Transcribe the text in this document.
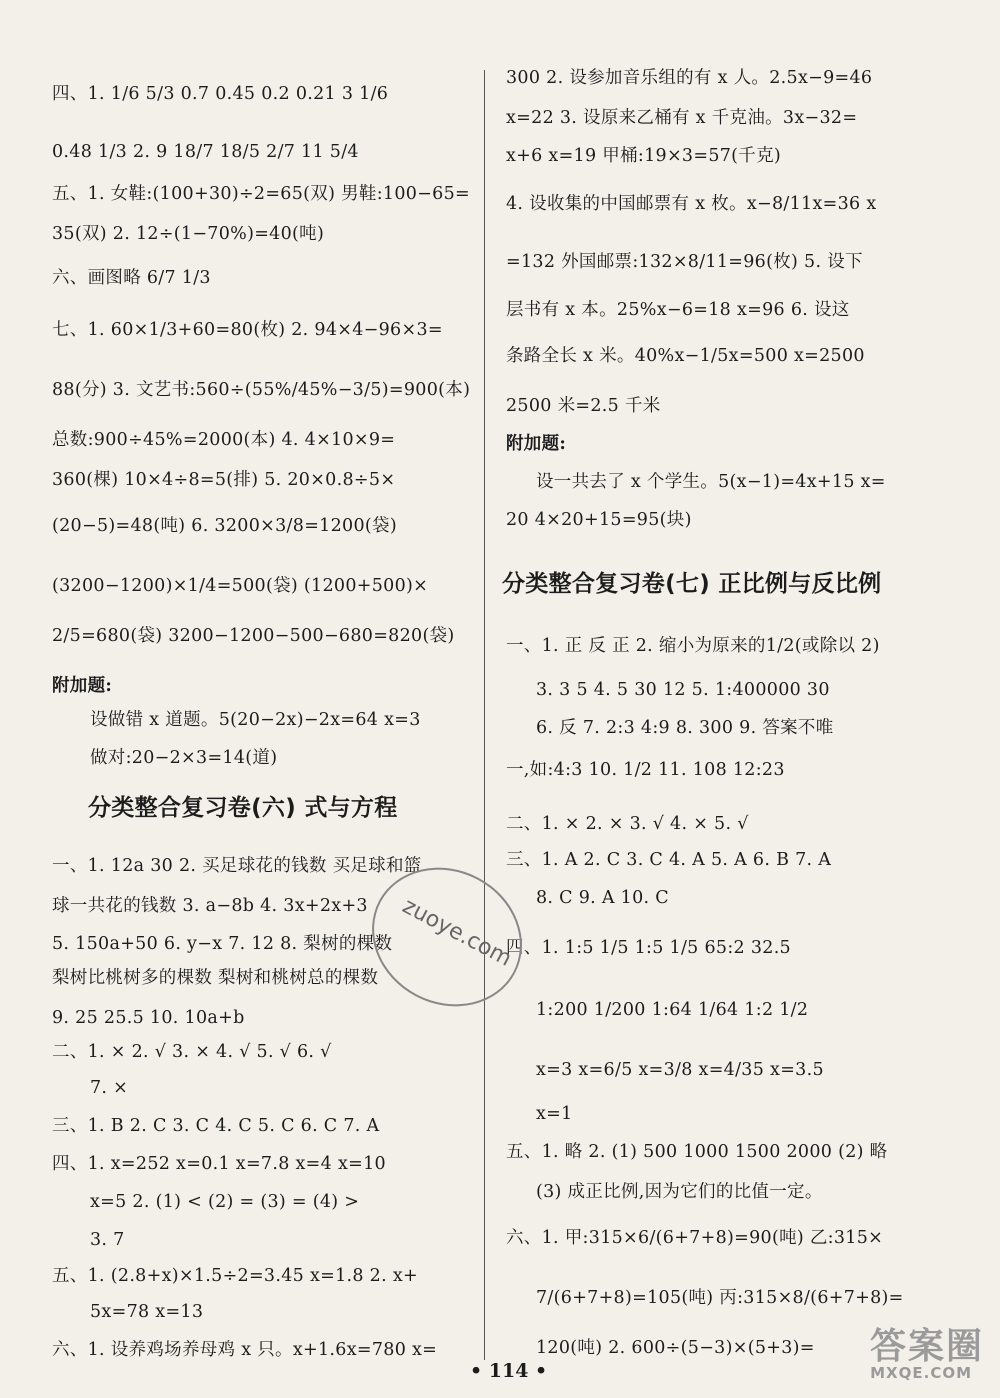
四、1. 1/6 5/3 0.7 0.45 0.2 0.21 3 1/6
0.48 1/3 2. 9 18/7 18/5 2/7 11 5/4
五、1. 女鞋:(100+30)÷2=65(双) 男鞋:100−65=
35(双) 2. 12÷(1−70%)=40(吨)
六、画图略 6/7 1/3
七、1. 60×1/3+60=80(枚) 2. 94×4−96×3=
88(分) 3. 文艺书:560÷(55%/45%−3/5)=900(本)
总数:900÷45%=2000(本) 4. 4×10×9=
360(棵) 10×4÷8=5(排) 5. 20×0.8÷5×
(20−5)=48(吨) 6. 3200×3/8=1200(袋)
(3200−1200)×1/4=500(袋) (1200+500)×
2/5=680(袋) 3200−1200−500−680=820(袋)
附加题:
设做错 x 道题。5(20−2x)−2x=64 x=3
做对:20−2×3=14(道)
一、1. 12a 30 2. 买足球花的钱数 买足球和篮
球一共花的钱数 3. a−8b 4. 3x+2x+3
5. 150a+50 6. y−x 7. 12 8. 梨树的棵数
梨树比桃树多的棵数 梨树和桃树总的棵数
9. 25 25.5 10. 10a+b
二、1. × 2. √ 3. × 4. √ 5. √ 6. √
7. ×
三、1. B 2. C 3. C 4. C 5. C 6. C 7. A
四、1. x=252 x=0.1 x=7.8 x=4 x=10
x=5 2. (1) < (2) = (3) = (4) >
3. 7
五、1. (2.8+x)×1.5÷2=3.45 x=1.8 2. x+
5x=78 x=13
六、1. 设养鸡场养母鸡 x 只。x+1.6x=780 x=
300 2. 设参加音乐组的有 x 人。2.5x−9=46
x=22 3. 设原来乙桶有 x 千克油。3x−32=
x+6 x=19 甲桶:19×3=57(千克)
4. 设收集的中国邮票有 x 枚。x−8/11x=36 x
=132 外国邮票:132×8/11=96(枚) 5. 设下
层书有 x 本。25%x−6=18 x=96 6. 设这
条路全长 x 米。40%x−1/5x=500 x=2500
2500 米=2.5 千米
附加题:
设一共去了 x 个学生。5(x−1)=4x+15 x=
20 4×20+15=95(块)
一、1. 正 反 正 2. 缩小为原来的1/2(或除以 2)
3. 3 5 4. 5 30 12 5. 1:400000 30
6. 反 7. 2:3 4:9 8. 300 9. 答案不唯
一,如:4:3 10. 1/2 11. 108 12:23
二、1. × 2. × 3. √ 4. × 5. √
三、1. A 2. C 3. C 4. A 5. A 6. B 7. A
8. C 9. A 10. C
四、1. 1:5 1/5 1:5 1/5 65:2 32.5
1:200 1/200 1:64 1/64 1:2 1/2
x=3 x=6/5 x=3/8 x=4/35 x=3.5
x=1
五、1. 略 2. (1) 500 1000 1500 2000 (2) 略
(3) 成正比例,因为它们的比值一定。
六、1. 甲:315×6/(6+7+8)=90(吨) 乙:315×
7/(6+7+8)=105(吨) 丙:315×8/(6+7+8)=
120(吨) 2. 600÷(5−3)×(5+3)=
分类整合复习卷(六) 式与方程
分类整合复习卷(七) 正比例与反比例
zuoye.com
• 114 •
答案圈
MXQE.COM
